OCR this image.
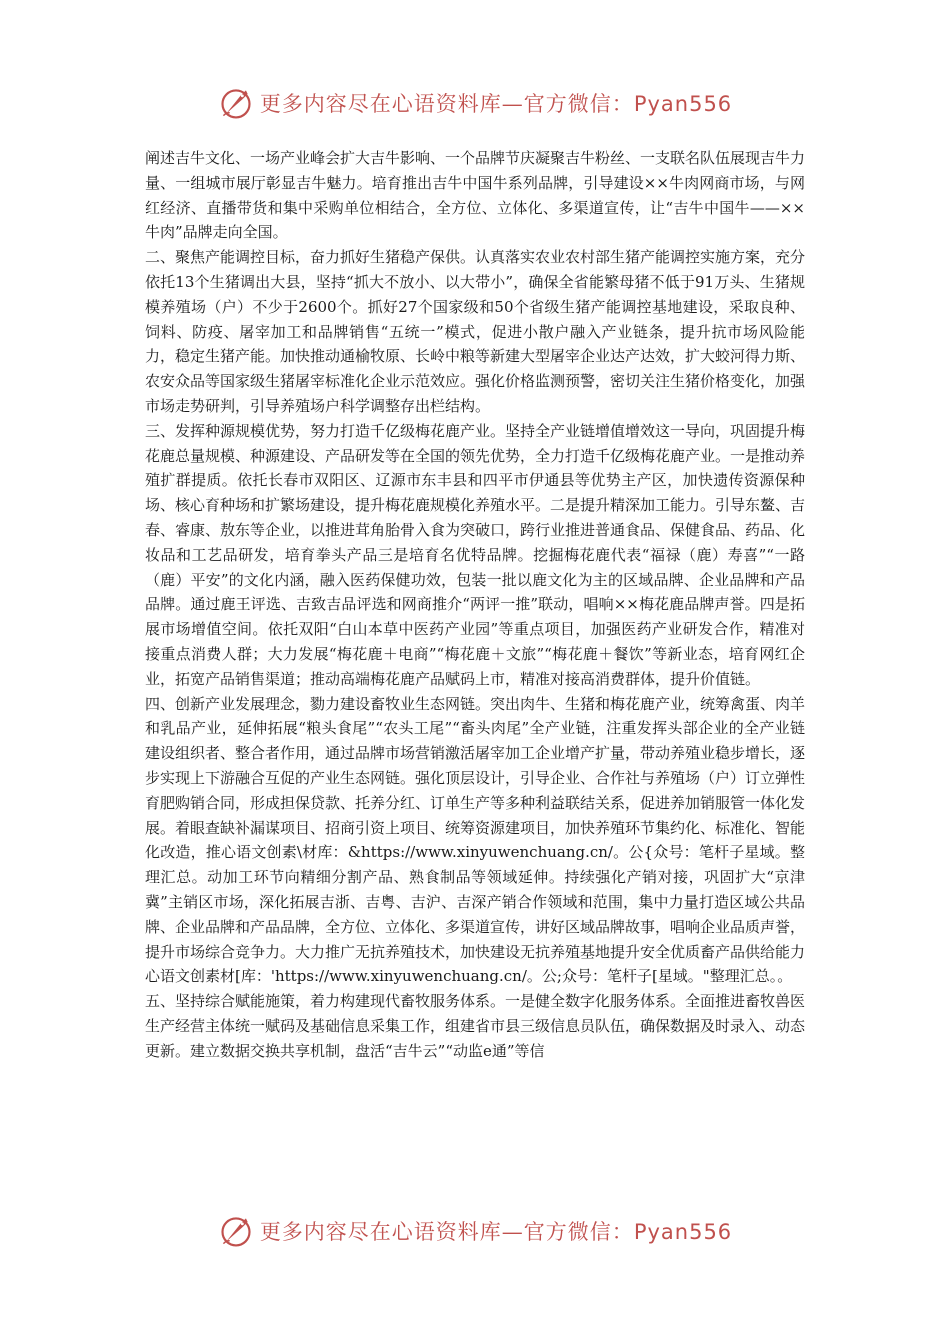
更多内容尽在心语资料库—官方微信：Pyan556

阐述吉牛文化、一场产业峰会扩大吉牛影响、一个品牌节庆凝聚吉牛粉丝、一支联名队伍展现吉牛力量、一组城市展厅彰显吉牛魅力。培育推出吉牛中国牛系列品牌，引导建设××牛肉网商市场，与网红经济、直播带货和集中采购单位相结合，全方位、立体化、多渠道宣传，让“吉牛中国牛——××牛肉”品牌走向全国。

二、聚焦产能调控目标，奋力抓好生猪稳产保供。认真落实农业农村部生猪产能调控实施方案，充分依托13个生猪调出大县，坚持“抓大不放小、以大带小”，确保全省能繁母猪不低于91万头、生猪规模养殖场（户）不少于2600个。抓好27个国家级和50个省级生猪产能调控基地建设，采取良种、饲料、防疫、屠宰加工和品牌销售“五统一”模式，促进小散户融入产业链条，提升抗市场风险能力，稳定生猪产能。加快推动通榆牧原、长岭中粮等新建大型屠宰企业达产达效，扩大蛟河得力斯、农安众品等国家级生猪屠宰标准化企业示范效应。强化价格监测预警，密切关注生猪价格变化，加强市场走势研判，引导养殖场户科学调整存出栏结构。

三、发挥种源规模优势，努力打造千亿级梅花鹿产业。坚持全产业链增值增效这一导向，巩固提升梅花鹿总量规模、种源建设、产品研发等在全国的领先优势，全力打造千亿级梅花鹿产业。一是推动养殖扩群提质。依托长春市双阳区、辽源市东丰县和四平市伊通县等优势主产区，加快遗传资源保种场、核心育种场和扩繁场建设，提升梅花鹿规模化养殖水平。二是提升精深加工能力。引导东鳌、吉春、睿康、敖东等企业，以推进茸角胎骨入食为突破口，跨行业推进普通食品、保健食品、药品、化妆品和工艺品研发，培育拳头产品三是培育名优特品牌。挖掘梅花鹿代表“福禄（鹿）寿喜”“一路（鹿）平安”的文化内涵，融入医药保健功效，包装一批以鹿文化为主的区域品牌、企业品牌和产品品牌。通过鹿王评选、吉致吉品评选和网商推介“两评一推”联动，唱响××梅花鹿品牌声誉。四是拓展市场增值空间。依托双阳“白山本草中医药产业园”等重点项目，加强医药产业研发合作，精准对接重点消费人群；大力发展“梅花鹿＋电商”“梅花鹿＋文旅”“梅花鹿＋餐饮”等新业态，培育网红企业，拓宽产品销售渠道；推动高端梅花鹿产品赋码上市，精准对接高消费群体，提升价值链。

四、创新产业发展理念，勠力建设畜牧业生态网链。突出肉牛、生猪和梅花鹿产业，统筹禽蛋、肉羊和乳品产业，延伸拓展“粮头食尾”“农头工尾”“畜头肉尾”全产业链，注重发挥头部企业的全产业链建设组织者、整合者作用，通过品牌市场营销激活屠宰加工企业增产扩量，带动养殖业稳步增长，逐步实现上下游融合互促的产业生态网链。强化顶层设计，引导企业、合作社与养殖场（户）订立弹性育肥购销合同，形成担保贷款、托养分红、订单生产等多种利益联结关系，促进养加销服管一体化发展。着眼查缺补漏谋项目、招商引资上项目、统筹资源建项目，加快养殖环节集约化、标准化、智能化改造，推心语文创素\材库：&https://www.xinyuwenchuang.cn/。公{众号：笔杆子星域。整理汇总。动加工环节向精细分割产品、熟食制品等领域延伸。持续强化产销对接，巩固扩大“京津冀”主销区市场，深化拓展吉浙、吉粤、吉沪、吉深产销合作领域和范围，集中力量打造区域公共品牌、企业品牌和产品品牌，全方位、立体化、多渠道宣传，讲好区域品牌故事，唱响企业品质声誉，提升市场综合竞争力。大力推广无抗养殖技术，加快建设无抗养殖基地提升安全优质畜产品供给能力心语文创素材[库：'https://www.xinyuwenchuang.cn/。公;众号：笔杆子[星域。"整理汇总。。

五、坚持综合赋能施策，着力构建现代畜牧服务体系。一是健全数字化服务体系。全面推进畜牧兽医生产经营主体统一赋码及基础信息采集工作，组建省市县三级信息员队伍，确保数据及时录入、动态更新。建立数据交换共享机制，盘活“吉牛云”“动监e通”等信

更多内容尽在心语资料库—官方微信：Pyan556
